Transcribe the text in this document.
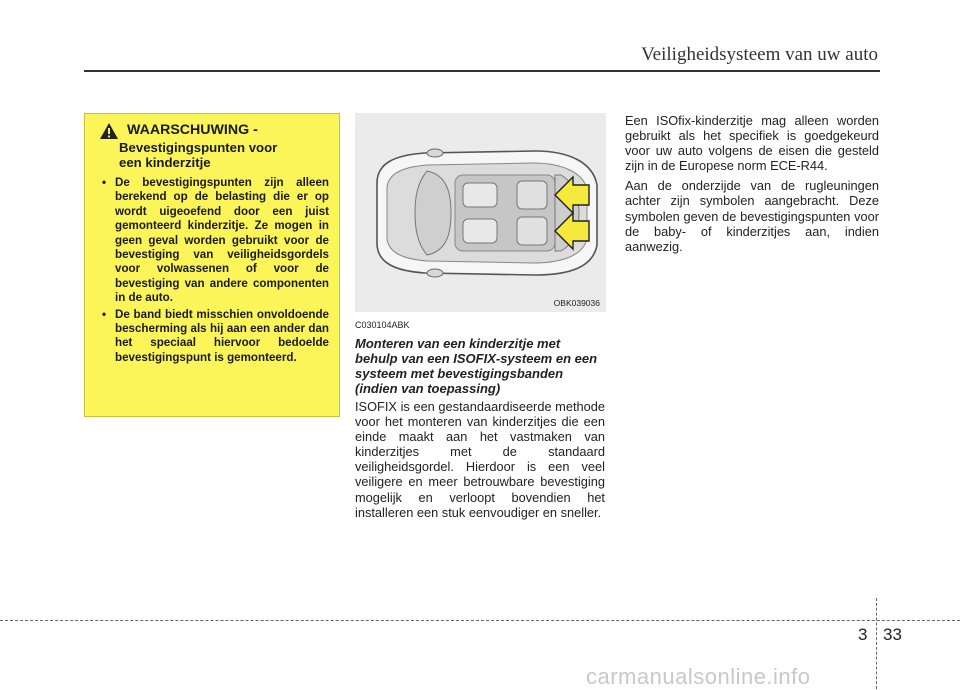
Veiligheidsysteem van uw auto
WAARSCHUWING -
Bevestigingspunten voor
een kinderzitje
• De bevestigingspunten zijn alleen berekend op de belasting die er op wordt uigeoefend door een juist gemonteerd kinderzitje. Ze mogen in geen geval worden gebruikt voor de bevestiging van veiligheidsgordels voor volwassenen of voor de bevestiging van andere componenten in de auto.
• De band biedt misschien onvoldoende bescherming als hij aan een ander dan het speciaal hiervoor bedoelde bevestigingspunt is gemonteerd.
OBK039036

C030104ABK

Monteren van een kinderzitje met behulp van een ISOFIX-systeem en een systeem met bevestigingsbanden (indien van toepassing)

ISOFIX is een gestandaardiseerde methode voor het monteren van kinderzitjes die een einde maakt aan het vastmaken van kinderzitjes met de standaard veiligheidsgordel. Hierdoor is een veel veiligere en meer betrouwbare bevestiging mogelijk en verloopt bovendien het installeren een stuk eenvoudiger en sneller.

Een ISOfix-kinderzitje mag alleen worden gebruikt als het specifiek is goedgekeurd voor uw auto volgens de eisen die gesteld zijn in de Europese norm ECE-R44.

Aan de onderzijde van de rugleuningen achter zijn symbolen aangebracht. Deze symbolen geven de bevestigingspunten voor de baby- of kinderzitjes aan, indien aanwezig.

3 33
carmanualsonline.info
